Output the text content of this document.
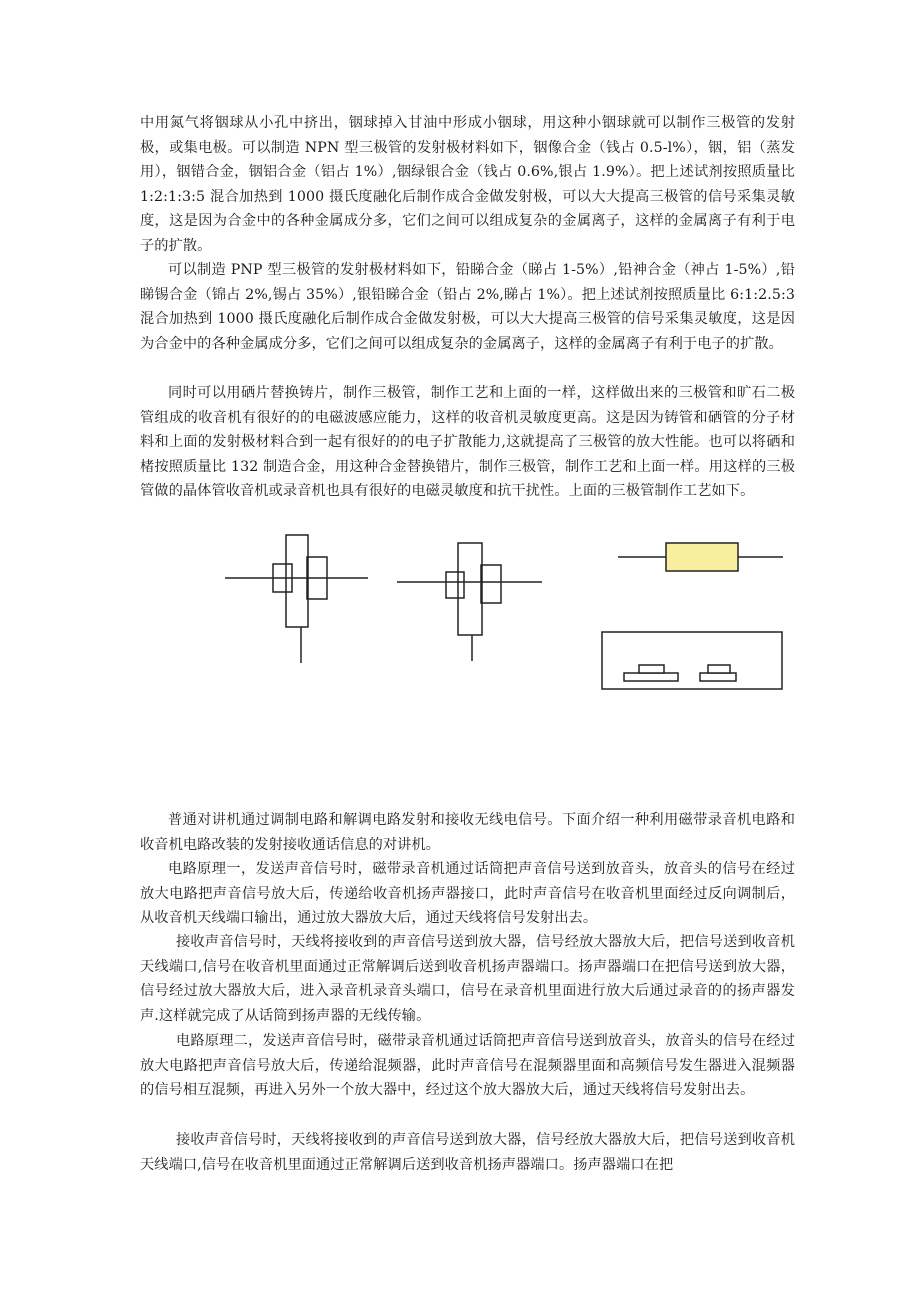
中用氮气将铟球从小孔中挤出，铟球掉入甘油中形成小铟球，用这种小铟球就可以制作三极管的发射极，或集电极。可以制造 NPN 型三极管的发射极材料如下，铟像合金（钱占 0.5-l%），铟，铝（蒸发用），铟错合金，铟铝合金（铝占 1%）,铟绿银合金（钱占 0.6%,银占 1.9%）。把上述试剂按照质量比 1:2:1:3:5 混合加热到 1000 摄氏度融化后制作成合金做发射极，可以大大提高三极管的信号采集灵敏度，这是因为合金中的各种金属成分多，它们之间可以组成复杂的金属离子，这样的金属离子有利于电子的扩散。

可以制造 PNP 型三极管的发射极材料如下，铅睇合金（睇占 1-5%）,铅神合金（神占 1-5%）,铅睇锡合金（锦占 2%,锡占 35%）,银铅睇合金（铅占 2%,睇占 1%）。把上述试剂按照质量比 6:1:2.5:3 混合加热到 1000 摄氏度融化后制作成合金做发射极，可以大大提高三极管的信号采集灵敏度，这是因为合金中的各种金属成分多，它们之间可以组成复杂的金属离子，这样的金属离子有利于电子的扩散。

同时可以用硒片替换铸片，制作三极管，制作工艺和上面的一样，这样做出来的三极管和旷石二极管组成的收音机有很好的的电磁波感应能力，这样的收音机灵敏度更高。这是因为铸管和硒管的分子材料和上面的发射极材料合到一起有很好的的电子扩散能力,这就提高了三极管的放大性能。也可以将硒和楮按照质量比 132 制造合金，用这种合金替换错片，制作三极管，制作工艺和上面一样。用这样的三极管做的晶体管收音机或录音机也具有很好的电磁灵敏度和抗干扰性。上面的三极管制作工艺如下。

普通对讲机通过调制电路和解调电路发射和接收无线电信号。下面介绍一种利用磁带录音机电路和收音机电路改装的发射接收通话信息的对讲机。

电路原理一，发送声音信号时，磁带录音机通过话筒把声音信号送到放音头，放音头的信号在经过放大电路把声音信号放大后，传递给收音机扬声器接口，此时声音信号在收音机里面经过反向调制后，从收音机天线端口输出，通过放大器放大后，通过天线将信号发射出去。

接收声音信号时，天线将接收到的声音信号送到放大器，信号经放大器放大后，把信号送到收音机天线端口,信号在收音机里面通过正常解调后送到收音机扬声器端口。扬声器端口在把信号送到放大器，信号经过放大器放大后，进入录音机录音头端口，信号在录音机里面进行放大后通过录音的的扬声器发声.这样就完成了从话筒到扬声器的无线传输。

电路原理二，发送声音信号时，磁带录音机通过话筒把声音信号送到放音头，放音头的信号在经过放大电路把声音信号放大后，传递给混频器，此时声音信号在混频器里面和高频信号发生器进入混频器的信号相互混频，再进入另外一个放大器中，经过这个放大器放大后，通过天线将信号发射出去。

接收声音信号时，天线将接收到的声音信号送到放大器，信号经放大器放大后，把信号送到收音机天线端口,信号在收音机里面通过正常解调后送到收音机扬声器端口。扬声器端口在把
